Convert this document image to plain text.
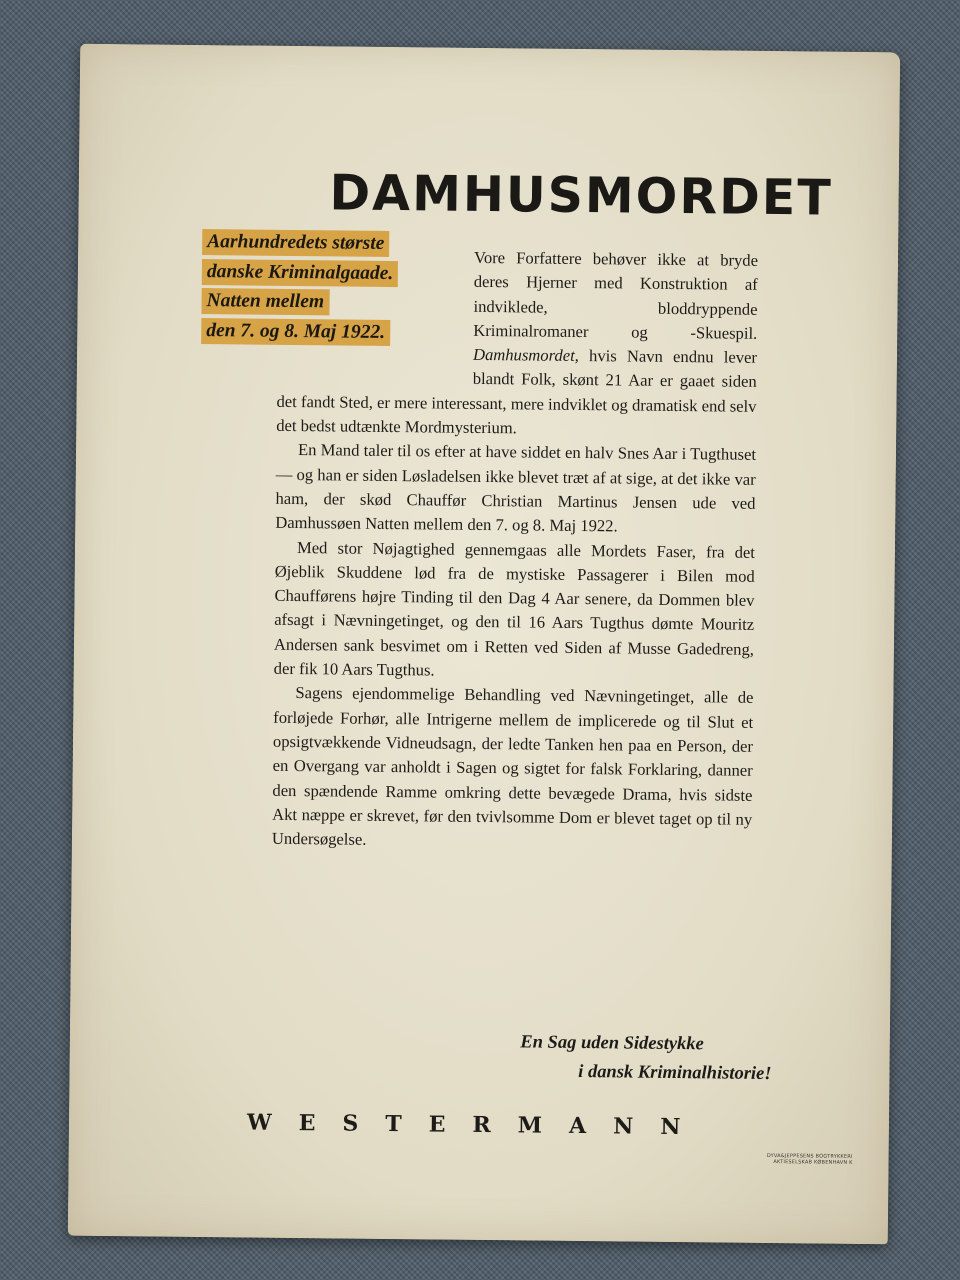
DAMHUSMORDET
Aarhundredets største
danske Kriminalgaade.
Natten mellem
den 7. og 8. Maj 1922.

Vore Forfattere behøver ikke at bryde deres Hjerner med Konstruktion af indviklede, bloddryppende Kriminalromaner og -Skuespil. Damhusmordet, hvis Navn endnu lever blandt Folk, skønt 21 Aar er gaaet siden det fandt Sted, er mere interessant, mere indviklet og dramatisk end selv det bedst udtænkte Mordmysterium.

En Mand taler til os efter at have siddet en halv Snes Aar i Tugthuset — og han er siden Løsladelsen ikke blevet træt af at sige, at det ikke var ham, der skød Chauffør Christian Martinus Jensen ude ved Damhussøen Natten mellem den 7. og 8. Maj 1922.

Med stor Nøjagtighed gennemgaas alle Mordets Faser, fra det Øjeblik Skuddene lød fra de mystiske Passagerer i Bilen mod Chaufførens højre Tinding til den Dag 4 Aar senere, da Dommen blev afsagt i Nævningetinget, og den til 16 Aars Tugthus dømte Mouritz Andersen sank besvimet om i Retten ved Siden af Musse Gadedreng, der fik 10 Aars Tugthus.

Sagens ejendommelige Behandling ved Nævningetinget, alle de forløjede Forhør, alle Intrigerne mellem de implicerede og til Slut et opsigtvækkende Vidneudsagn, der ledte Tanken hen paa en Person, der en Overgang var anholdt i Sagen og sigtet for falsk Forklaring, danner den spændende Ramme omkring dette bevægede Drama, hvis sidste Akt næppe er skrevet, før den tvivlsomme Dom er blevet taget op til ny Undersøgelse.

En Sag uden Sidestykke
i dansk Kriminalhistorie!
WESTERMANN
DYVA&JEPPESENS BOGTRYKKERI
AKTIESELSKAB KØBENHAVN K
